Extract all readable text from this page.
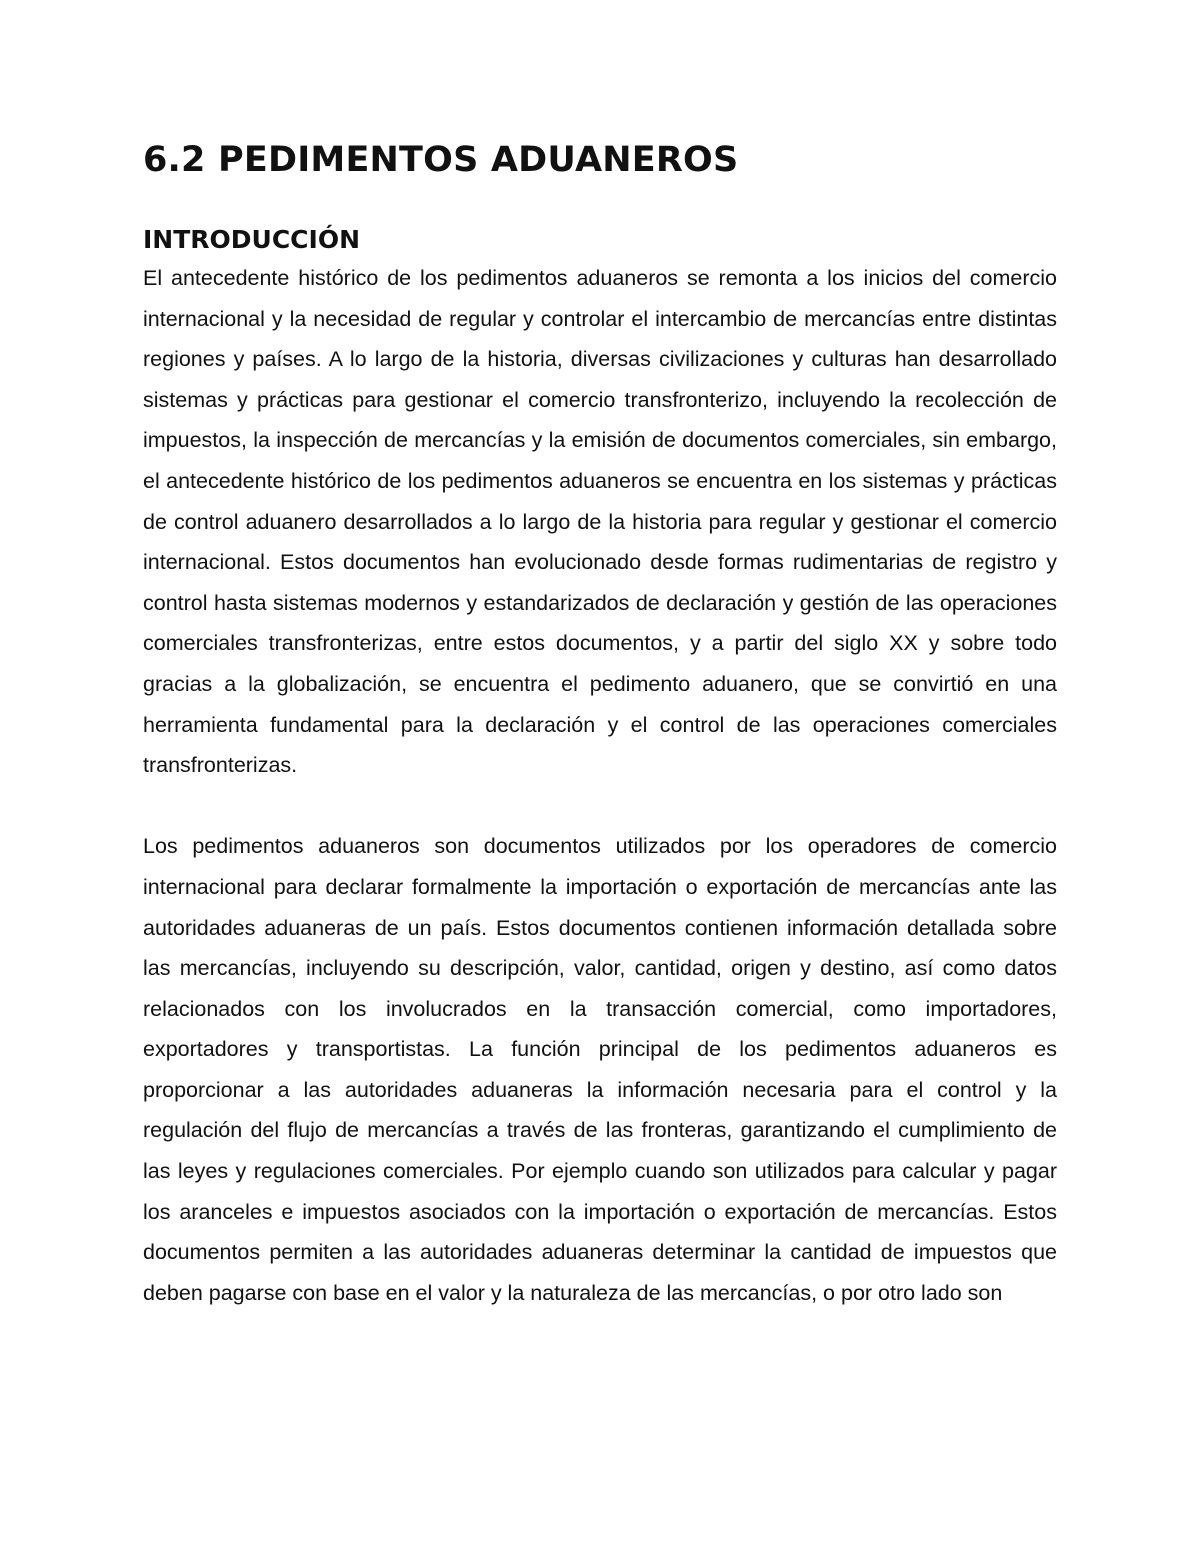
6.2 PEDIMENTOS ADUANEROS
INTRODUCCIÓN

El antecedente histórico de los pedimentos aduaneros se remonta a los inicios del comercio internacional y la necesidad de regular y controlar el intercambio de mercancías entre distintas regiones y países. A lo largo de la historia, diversas civilizaciones y culturas han desarrollado sistemas y prácticas para gestionar el comercio transfronterizo, incluyendo la recolección de impuestos, la inspección de mercancías y la emisión de documentos comerciales, sin embargo, el antecedente histórico de los pedimentos aduaneros se encuentra en los sistemas y prácticas de control aduanero desarrollados a lo largo de la historia para regular y gestionar el comercio internacional. Estos documentos han evolucionado desde formas rudimentarias de registro y control hasta sistemas modernos y estandarizados de declaración y gestión de las operaciones comerciales transfronterizas, entre estos documentos, y a partir del siglo XX y sobre todo gracias a la globalización, se encuentra el pedimento aduanero, que se convirtió en una herramienta fundamental para la declaración y el control de las operaciones comerciales transfronterizas.

Los pedimentos aduaneros son documentos utilizados por los operadores de comercio internacional para declarar formalmente la importación o exportación de mercancías ante las autoridades aduaneras de un país. Estos documentos contienen información detallada sobre las mercancías, incluyendo su descripción, valor, cantidad, origen y destino, así como datos relacionados con los involucrados en la transacción comercial, como importadores, exportadores y transportistas. La función principal de los pedimentos aduaneros es proporcionar a las autoridades aduaneras la información necesaria para el control y la regulación del flujo de mercancías a través de las fronteras, garantizando el cumplimiento de las leyes y regulaciones comerciales. Por ejemplo cuando son utilizados para calcular y pagar los aranceles e impuestos asociados con la importación o exportación de mercancías. Estos documentos permiten a las autoridades aduaneras determinar la cantidad de impuestos que deben pagarse con base en el valor y la naturaleza de las mercancías, o por otro lado son
